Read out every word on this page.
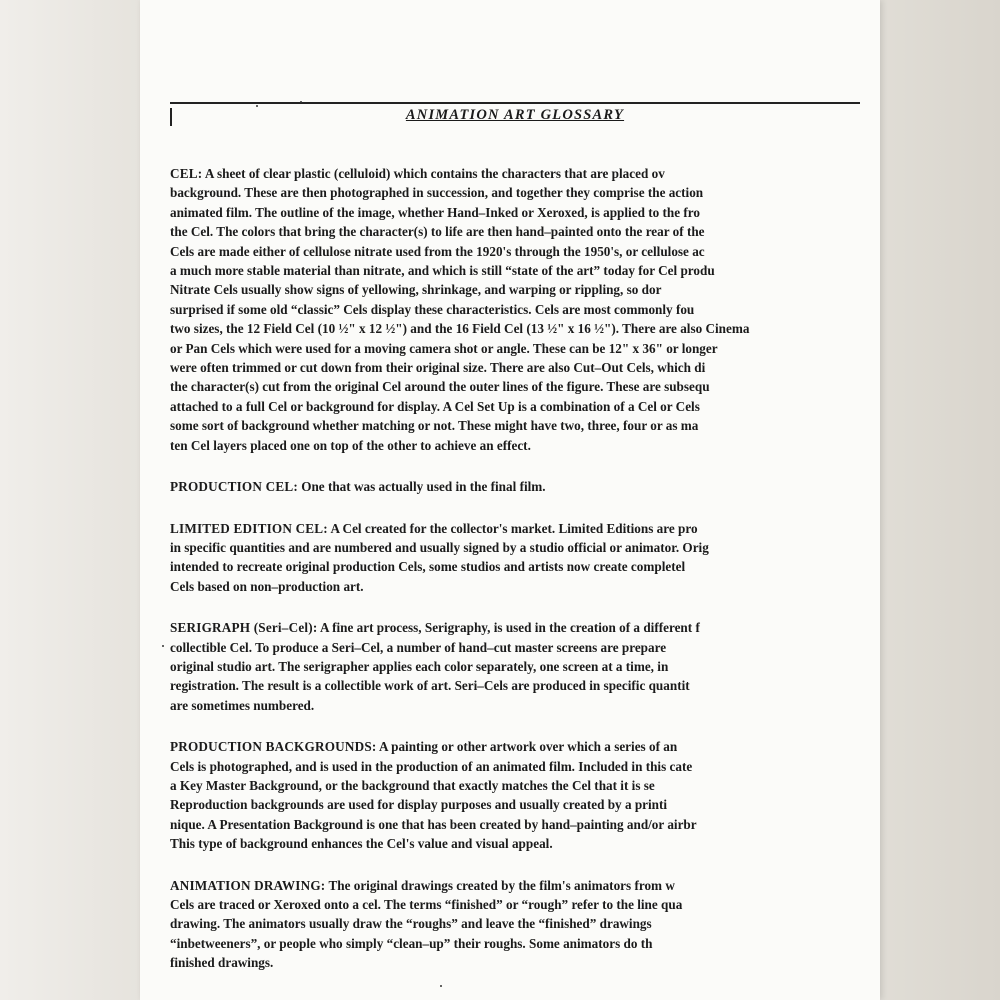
ANIMATION ART GLOSSARY
CEL: A sheet of clear plastic (celluloid) which contains the characters that are placed ov
background. These are then photographed in succession, and together they comprise the action
animated film. The outline of the image, whether Hand–Inked or Xeroxed, is applied to the fro
the Cel. The colors that bring the character(s) to life are then hand–painted onto the rear of the
Cels are made either of cellulose nitrate used from the 1920's through the 1950's, or cellulose ac
a much more stable material than nitrate, and which is still “state of the art” today for Cel produ
Nitrate Cels usually show signs of yellowing, shrinkage, and warping or rippling, so dor
surprised if some old “classic” Cels display these characteristics. Cels are most commonly fou
two sizes, the 12 Field Cel (10 ½" x 12 ½") and the 16 Field Cel (13 ½" x 16 ½"). There are also Cinema
or Pan Cels which were used for a moving camera shot or angle. These can be 12" x 36" or longer
were often trimmed or cut down from their original size. There are also Cut–Out Cels, which di
the character(s) cut from the original Cel around the outer lines of the figure. These are subsequ
attached to a full Cel or background for display. A Cel Set Up is a combination of a Cel or Cels
some sort of background whether matching or not. These might have two, three, four or as ma
ten Cel layers placed one on top of the other to achieve an effect.
PRODUCTION CEL: One that was actually used in the final film.
LIMITED EDITION CEL: A Cel created for the collector's market. Limited Editions are pro
in specific quantities and are numbered and usually signed by a studio official or animator. Orig
intended to recreate original production Cels, some studios and artists now create completel
Cels based on non–production art.
SERIGRAPH (Seri–Cel): A fine art process, Serigraphy, is used in the creation of a different f
collectible Cel. To produce a Seri–Cel, a number of hand–cut master screens are prepare
original studio art. The serigrapher applies each color separately, one screen at a time, in
registration. The result is a collectible work of art. Seri–Cels are produced in specific quantit
are sometimes numbered.
PRODUCTION BACKGROUNDS: A painting or other artwork over which a series of an
Cels is photographed, and is used in the production of an animated film. Included in this cate
a Key Master Background, or the background that exactly matches the Cel that it is se
Reproduction backgrounds are used for display purposes and usually created by a printi
nique. A Presentation Background is one that has been created by hand–painting and/or airbr
This type of background enhances the Cel's value and visual appeal.
ANIMATION DRAWING: The original drawings created by the film's animators from w
Cels are traced or Xeroxed onto a cel. The terms “finished” or “rough” refer to the line qua
drawing. The animators usually draw the “roughs” and leave the “finished” drawings
“inbetweeners”, or people who simply “clean–up” their roughs. Some animators do th
finished drawings.
